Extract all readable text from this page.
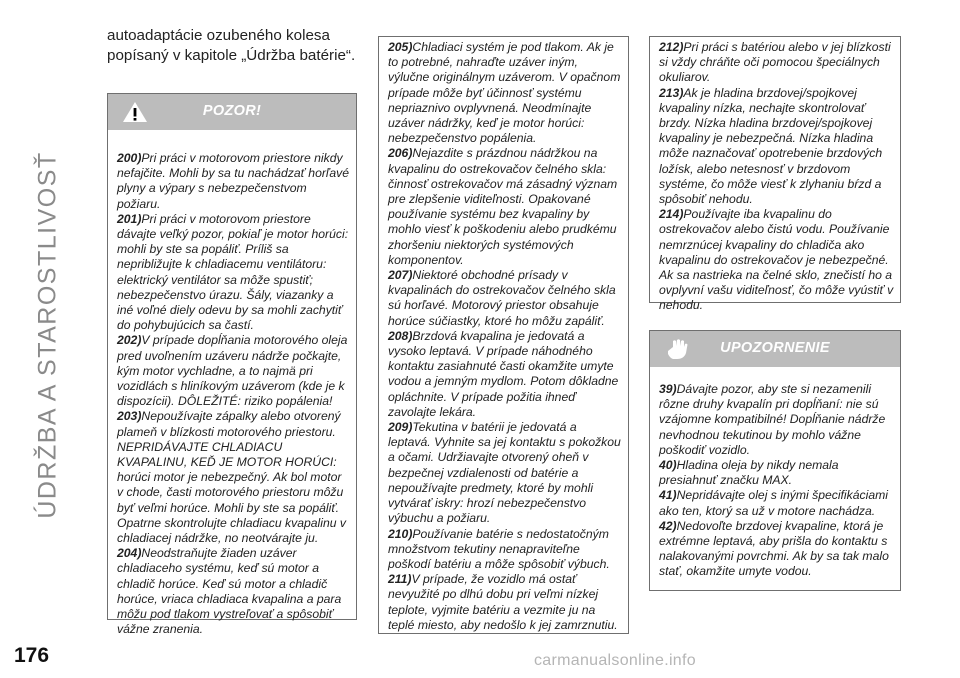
ÚDRŽBA A STAROSTLIVOSŤ
176	carmanualsonline.info
autoadaptácie ozubeného kolesa popísaný v kapitole „Údržba batérie“.
POZOR!

200)Pri práci v motorovom priestore nikdy nefajčite. Mohli by sa tu nachádzať horľavé plyny a výpary s nebezpečenstvom požiaru.

201)Pri práci v motorovom priestore dávajte veľký pozor, pokiaľ je motor horúci: mohli by ste sa popáliť. Príliš sa nepribližujte k chladiacemu ventilátoru: elektrický ventilátor sa môže spustiť; nebezpečenstvo úrazu. Šály, viazanky a iné voľné diely odevu by sa mohli zachytiť do pohybujúcich sa častí.

202)V prípade dopĺňania motorového oleja pred uvoľnením uzáveru nádrže počkajte, kým motor vychladne, a to najmä pri vozidlách s hliníkovým uzáverom (kde je k dispozícii). DÔLEŽITÉ: riziko popálenia!

203)Nepoužívajte zápalky alebo otvorený plameň v blízkosti motorového priestoru. NEPRIDÁVAJTE CHLADIACU KVAPALINU, KEĎ JE MOTOR HORÚCI: horúci motor je nebezpečný. Ak bol motor v chode, časti motorového priestoru môžu byť veľmi horúce. Mohli by ste sa popáliť. Opatrne skontrolujte chladiacu kvapalinu v chladiacej nádržke, no neotvárajte ju.

204)Neodstraňujte žiaden uzáver chladiaceho systému, keď sú motor a chladič horúce. Keď sú motor a chladič horúce, vriaca chladiaca kvapalina a para môžu pod tlakom vystreľovať a spôsobiť vážne zranenia.

205)Chladiaci systém je pod tlakom. Ak je to potrebné, nahraďte uzáver iným, výlučne originálnym uzáverom. V opačnom prípade môže byť účinnosť systému nepriaznivo ovplyvnená. Neodmínajte uzáver nádržky, keď je motor horúci: nebezpečenstvo popálenia.

206)Nejazdite s prázdnou nádržkou na kvapalinu do ostrekovačov čelného skla: činnosť ostrekovačov má zásadný význam pre zlepšenie viditeľnosti. Opakované používanie systému bez kvapaliny by mohlo viesť k poškodeniu alebo prudkému zhoršeniu niektorých systémových komponentov.

207)Niektoré obchodné prísady v kvapalinách do ostrekovačov čelného skla sú horľavé. Motorový priestor obsahuje horúce súčiastky, ktoré ho môžu zapáliť.

208)Brzdová kvapalina je jedovatá a vysoko leptavá. V prípade náhodného kontaktu zasiahnuté časti okamžite umyte vodou a jemným mydlom. Potom dôkladne opláchnite. V prípade požitia ihneď zavolajte lekára.

209)Tekutina v batérii je jedovatá a leptavá. Vyhnite sa jej kontaktu s pokožkou a očami. Udržiavajte otvorený oheň v bezpečnej vzdialenosti od batérie a nepoužívajte predmety, ktoré by mohli vytvárať iskry: hrozí nebezpečenstvo výbuchu a požiaru.

210)Používanie batérie s nedostatočným množstvom tekutiny nenapraviteľne poškodí batériu a môže spôsobiť výbuch.

211)V prípade, že vozidlo má ostať nevyužité po dlhú dobu pri veľmi nízkej teplote, vyjmite batériu a vezmite ju na teplé miesto, aby nedošlo k jej zamrznutiu.

212)Pri práci s batériou alebo v jej blízkosti si vždy chráňte oči pomocou špeciálnych okuliarov.

213)Ak je hladina brzdovej/spojkovej kvapaliny nízka, nechajte skontrolovať brzdy. Nízka hladina brzdovej/spojkovej kvapaliny je nebezpečná. Nízka hladina môže naznačovať opotrebenie brzdových ložísk, alebo netesnosť v brzdovom systéme, čo môže viesť k zlyhaniu bŕzd a spôsobiť nehodu.

214)Používajte iba kvapalinu do ostrekovačov alebo čistú vodu. Používanie nemrznúcej kvapaliny do chladiča ako kvapalinu do ostrekovačov je nebezpečné. Ak sa nastrieka na čelné sklo, znečistí ho a ovplyvní vašu viditeľnosť, čo môže vyústiť v nehodu.

UPOZORNENIE

39)Dávajte pozor, aby ste si nezamenili rôzne druhy kvapalín pri dopĺňaní: nie sú vzájomne kompatibilné! Dopĺňanie nádrže nevhodnou tekutinou by mohlo vážne poškodiť vozidlo.

40)Hladina oleja by nikdy nemala presiahnuť značku MAX.

41)Nepridávajte olej s inými špecifikáciami ako ten, ktorý sa už v motore nachádza.

42)Nedovoľte brzdovej kvapaline, ktorá je extrémne leptavá, aby prišla do kontaktu s nalakovanými povrchmi. Ak by sa tak malo stať, okamžite umyte vodou.
